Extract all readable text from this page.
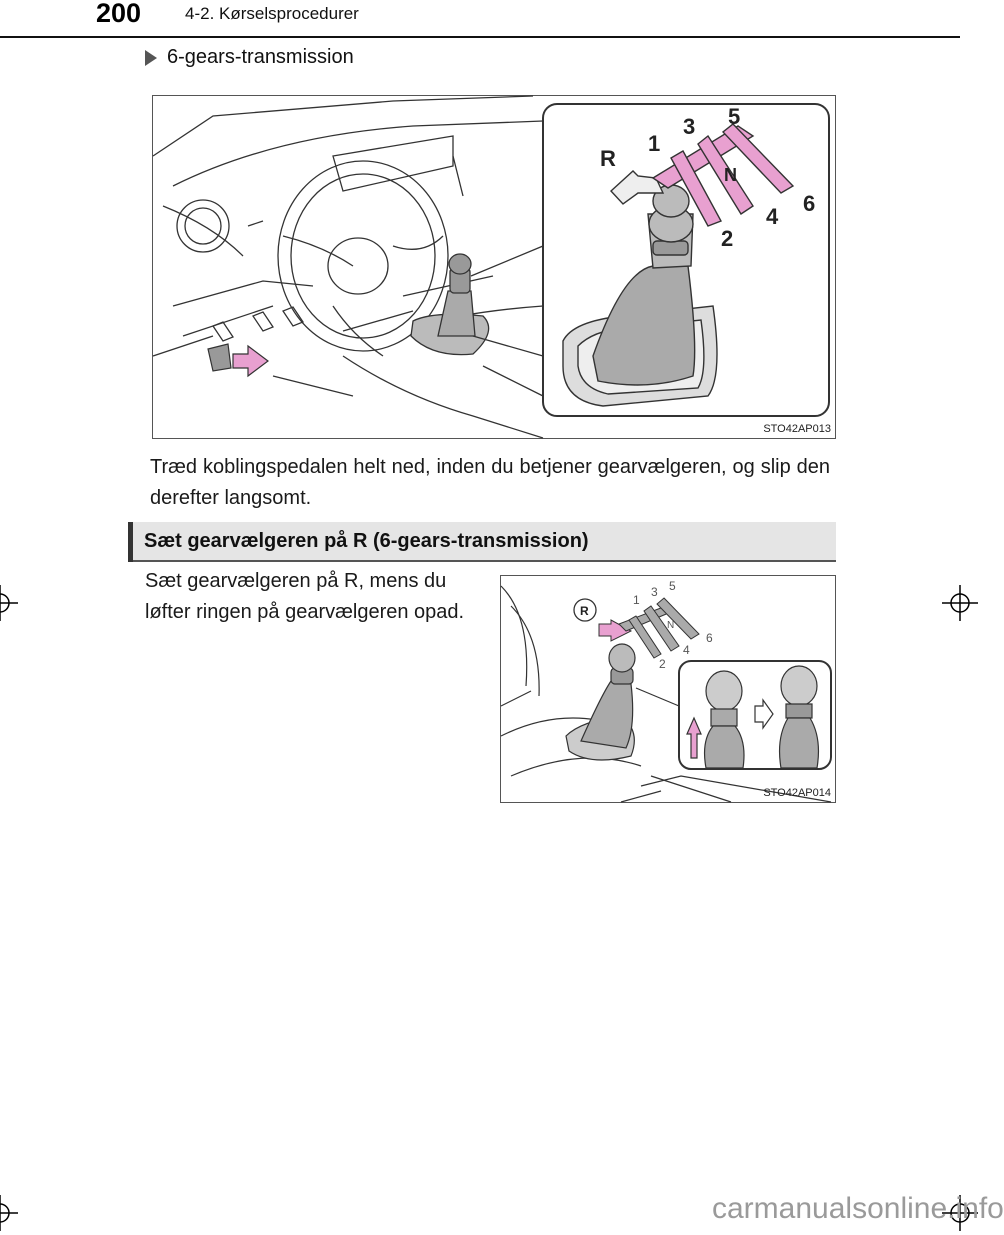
200	4-2. Kørselsprocedurer
6-gears-transmission
R
1
3 5
N
2
4
6
STO42AP013
Træd koblingspedalen helt ned, inden du betjener gearvælgeren, og slip den derefter langsomt.
Sæt gearvælgeren på R (6-gears-transmission)
Sæt gearvælgeren på R, mens du løfter ringen på gearvælgeren opad.	R
1
3 5
N
2
4
6
STO42AP014
carmanualsonline.info
